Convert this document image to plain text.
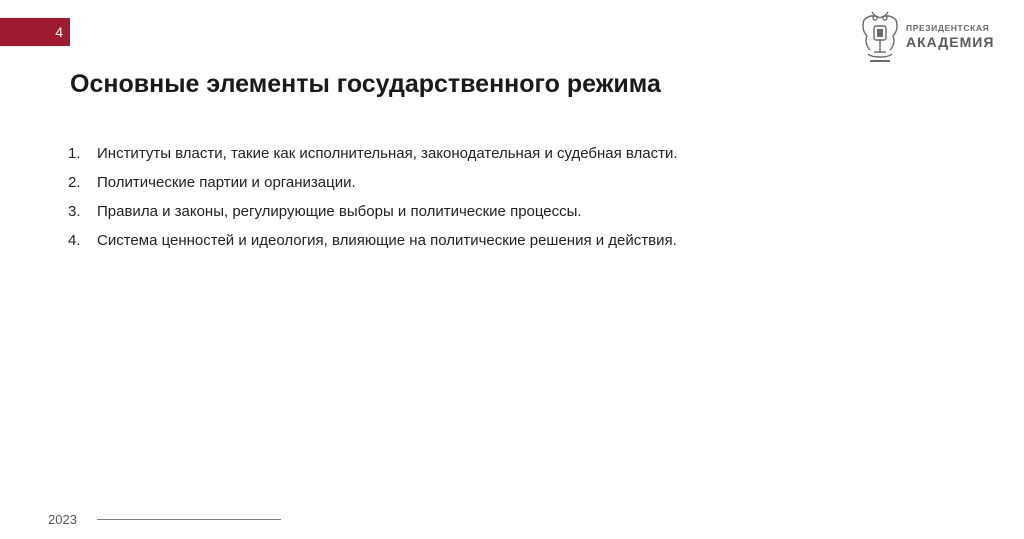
4	ПРЕЗИДЕНТСКАЯ
АКАДЕМИЯ
Основные элементы государственного режима
1. Институты власти, такие как исполнительная, законодательная и судебная власти.
2. Политические партии и организации.
3. Правила и законы, регулирующие выборы и политические процессы.
4. Система ценностей и идеология, влияющие на политические решения и действия.
2023
